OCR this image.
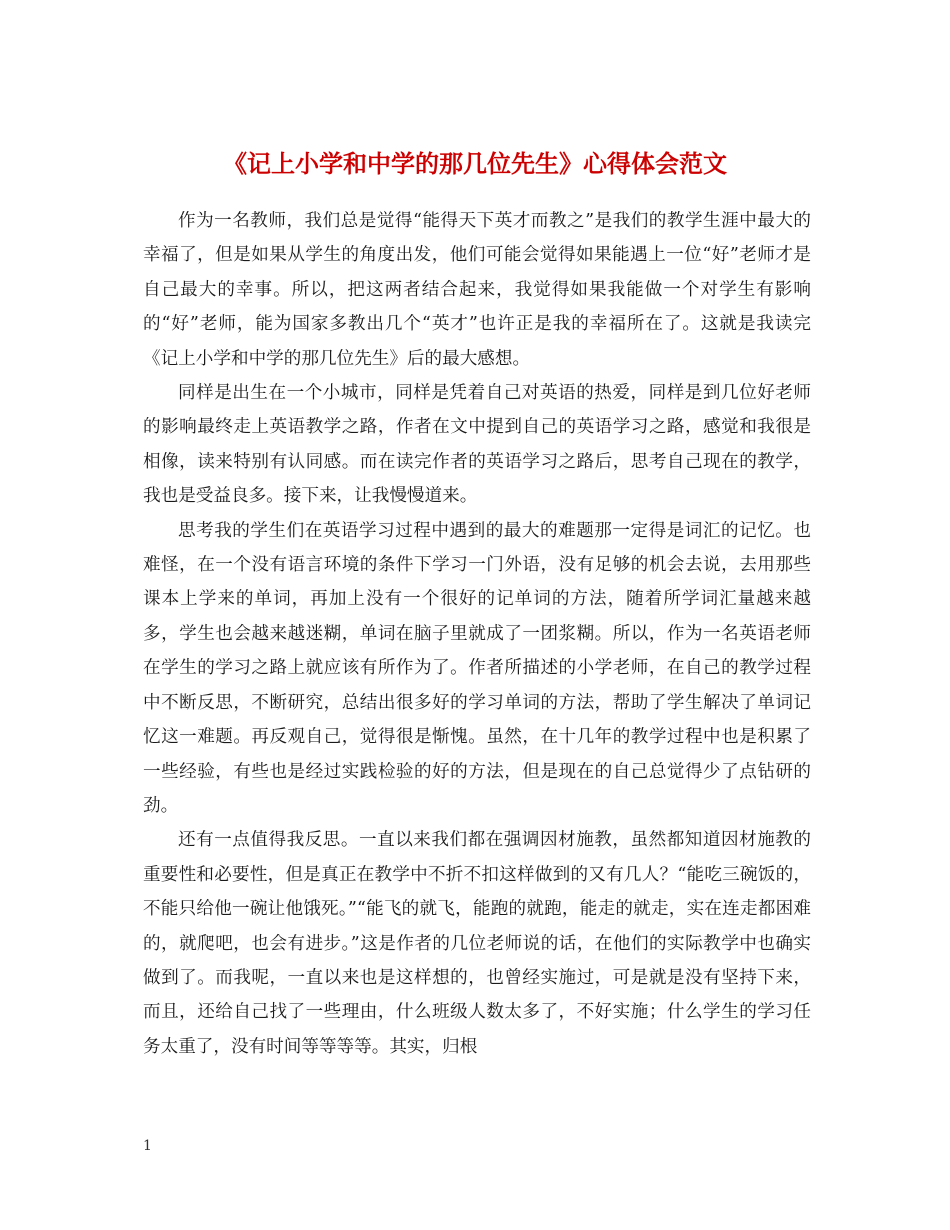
《记上小学和中学的那几位先生》心得体会范文

作为一名教师，我们总是觉得“能得天下英才而教之”是我们的教学生涯中最大的幸福了，但是如果从学生的角度出发，他们可能会觉得如果能遇上一位“好”老师才是自己最大的幸事。所以，把这两者结合起来，我觉得如果我能做一个对学生有影响的“好”老师，能为国家多教出几个“英才”也许正是我的幸福所在了。这就是我读完《记上小学和中学的那几位先生》后的最大感想。

同样是出生在一个小城市，同样是凭着自己对英语的热爱，同样是到几位好老师的影响最终走上英语教学之路，作者在文中提到自己的英语学习之路，感觉和我很是相像，读来特别有认同感。而在读完作者的英语学习之路后，思考自己现在的教学，我也是受益良多。接下来，让我慢慢道来。

思考我的学生们在英语学习过程中遇到的最大的难题那一定得是词汇的记忆。也难怪，在一个没有语言环境的条件下学习一门外语，没有足够的机会去说，去用那些课本上学来的单词，再加上没有一个很好的记单词的方法，随着所学词汇量越来越多，学生也会越来越迷糊，单词在脑子里就成了一团浆糊。所以，作为一名英语老师在学生的学习之路上就应该有所作为了。作者所描述的小学老师，在自己的教学过程中不断反思，不断研究，总结出很多好的学习单词的方法，帮助了学生解决了单词记忆这一难题。再反观自己，觉得很是惭愧。虽然，在十几年的教学过程中也是积累了一些经验，有些也是经过实践检验的好的方法，但是现在的自己总觉得少了点钻研的劲。

还有一点值得我反思。一直以来我们都在强调因材施教，虽然都知道因材施教的重要性和必要性，但是真正在教学中不折不扣这样做到的又有几人？“能吃三碗饭的，不能只给他一碗让他饿死。”“能飞的就飞，能跑的就跑，能走的就走，实在连走都困难的，就爬吧，也会有进步。”这是作者的几位老师说的话，在他们的实际教学中也确实做到了。而我呢，一直以来也是这样想的，也曾经实施过，可是就是没有坚持下来，而且，还给自己找了一些理由，什么班级人数太多了，不好实施；什么学生的学习任务太重了，没有时间等等等等。其实，归根

1
